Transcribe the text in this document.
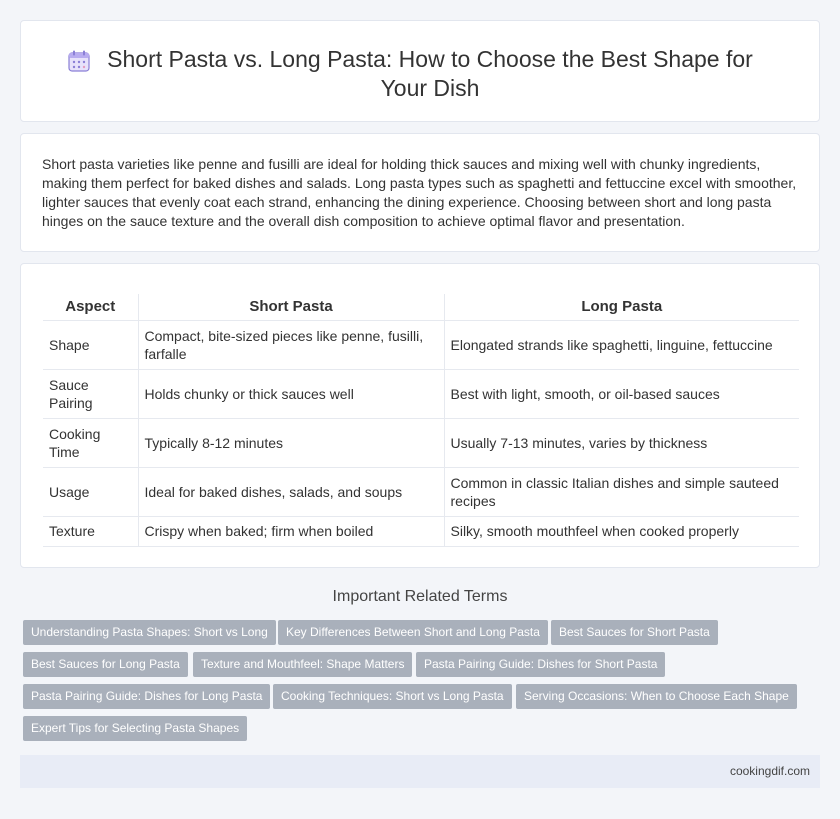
Short Pasta vs. Long Pasta: How to Choose the Best Shape for Your Dish

Short pasta varieties like penne and fusilli are ideal for holding thick sauces and mixing well with chunky ingredients, making them perfect for baked dishes and salads. Long pasta types such as spaghetti and fettuccine excel with smoother, lighter sauces that evenly coat each strand, enhancing the dining experience. Choosing between short and long pasta hinges on the sauce texture and the overall dish composition to achieve optimal flavor and presentation.

Aspect	Short Pasta	Long Pasta
Shape	Compact, bite-sized pieces like penne, fusilli, farfalle	Elongated strands like spaghetti, linguine, fettuccine
Sauce Pairing	Holds chunky or thick sauces well	Best with light, smooth, or oil-based sauces
Cooking Time	Typically 8-12 minutes	Usually 7-13 minutes, varies by thickness
Usage	Ideal for baked dishes, salads, and soups	Common in classic Italian dishes and simple sauteed recipes
Texture	Crispy when baked; firm when boiled	Silky, smooth mouthfeel when cooked properly
Important Related Terms
Understanding Pasta Shapes: Short vs Long	Key Differences Between Short and Long Pasta	Best Sauces for Short Pasta
Best Sauces for Long Pasta	Texture and Mouthfeel: Shape Matters	Pasta Pairing Guide: Dishes for Short Pasta
Pasta Pairing Guide: Dishes for Long Pasta	Cooking Techniques: Short vs Long Pasta	Serving Occasions: When to Choose Each Shape
Expert Tips for Selecting Pasta Shapes
cookingdif.com
